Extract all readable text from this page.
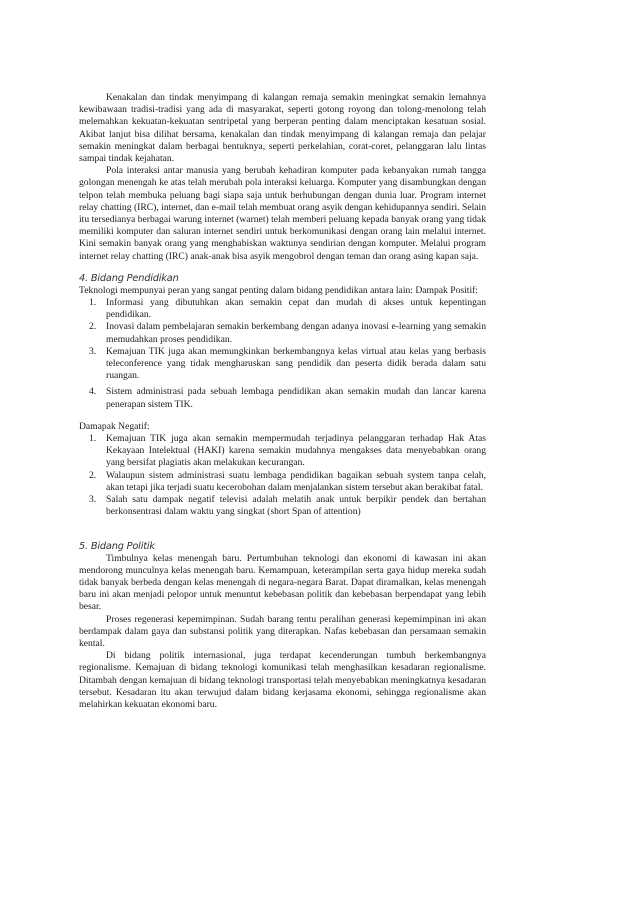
Kenakalan dan tindak menyimpang di kalangan remaja semakin meningkat semakin lemahnya kewibawaan tradisi-tradisi yang ada di masyarakat, seperti gotong royong dan tolong-menolong telah melemahkan kekuatan-kekuatan sentripetal yang berperan penting dalam menciptakan kesatuan sosial. Akibat lanjut bisa dilihat bersama, kenakalan dan tindak menyimpang di kalangan remaja dan pelajar semakin meningkat dalam berbagai bentuknya, seperti perkelahian, corat-coret, pelanggaran lalu lintas sampai tindak kejahatan.

Pola interaksi antar manusia yang berubah kehadiran komputer pada kebanyakan rumah tangga golongan menengah ke atas telah merubah pola interaksi keluarga. Komputer yang disambungkan dengan telpon telah membuka peluang bagi siapa saja untuk berhubungan dengan dunia luar. Program internet relay chatting (IRC), internet, dan e-mail telah membuat orang asyik dengan kehidupannya sendiri. Selain itu tersedianya berbagai warung internet (warnet) telah memberi peluang kepada banyak orang yang tidak memiliki komputer dan saluran internet sendiri untuk berkomunikasi dengan orang lain melalui internet. Kini semakin banyak orang yang menghabiskan waktunya sendirian dengan komputer. Melalui program internet relay chatting (IRC) anak-anak bisa asyik mengobrol dengan teman dan orang asing kapan saja.

4. Bidang Pendidikan

Teknologi mempunyai peran yang sangat penting dalam bidang pendidikan antara lain: Dampak Positif:

1. Informasi yang dibutuhkan akan semakin cepat dan mudah di akses untuk kepentingan pendidikan.
2. Inovasi dalam pembelajaran semakin berkembang dengan adanya inovasi e-learning yang semakin memudahkan proses pendidikan.
3. Kemajuan TIK juga akan memungkinkan berkembangnya kelas virtual atau kelas yang berbasis teleconference yang tidak mengharuskan sang pendidik dan peserta didik berada dalam satu ruangan.
4. Sistem administrasi pada sebuah lembaga pendidikan akan semakin mudah dan lancar karena penerapan sistem TIK.

Damapak Negatif:

1. Kemajuan TIK juga akan semakin mempermudah terjadinya pelanggaran terhadap Hak Atas Kekayaan Intelektual (HAKI) karena semakin mudahnya mengakses data menyebabkan orang yang bersifat plagiatis akan melakukan kecurangan.
2. Walaupun sistem administrasi suatu lembaga pendidikan bagaikan sebuah system tanpa celah, akan tetapi jika terjadi suatu kecerobohan dalam menjalankan sistem tersebut akan berakibat fatal.
3. Salah satu dampak negatif televisi adalah melatih anak untuk berpikir pendek dan bertahan berkonsentrasi dalam waktu yang singkat (short Span of attention)
5. Bidang Politik

Timbulnya kelas menengah baru. Pertumbuhan teknologi dan ekonomi di kawasan ini akan mendorong munculnya kelas menengah baru. Kemampuan, keterampilan serta gaya hidup mereka sudah tidak banyak berbeda dengan kelas menengah di negara-negara Barat. Dapat diramalkan, kelas menengah baru ini akan menjadi pelopor untuk menuntut kebebasan politik dan kebebasan berpendapat yang lebih besar.

Proses regenerasi kepemimpinan. Sudah barang tentu peralihan generasi kepemimpinan ini akan berdampak dalam gaya dan substansi politik yang diterapkan. Nafas kebebasan dan persamaan semakin kental.

Di bidang politik internasional, juga terdapat kecenderungan tumbuh berkembangnya regionalisme. Kemajuan di bidang teknologi komunikasi telah menghasilkan kesadaran regionalisme. Ditambah dengan kemajuan di bidang teknologi transportasi telah menyebabkan meningkatnya kesadaran tersebut. Kesadaran itu akan terwujud dalam bidang kerjasama ekonomi, sehingga regionalisme akan melahirkan kekuatan ekonomi baru.
